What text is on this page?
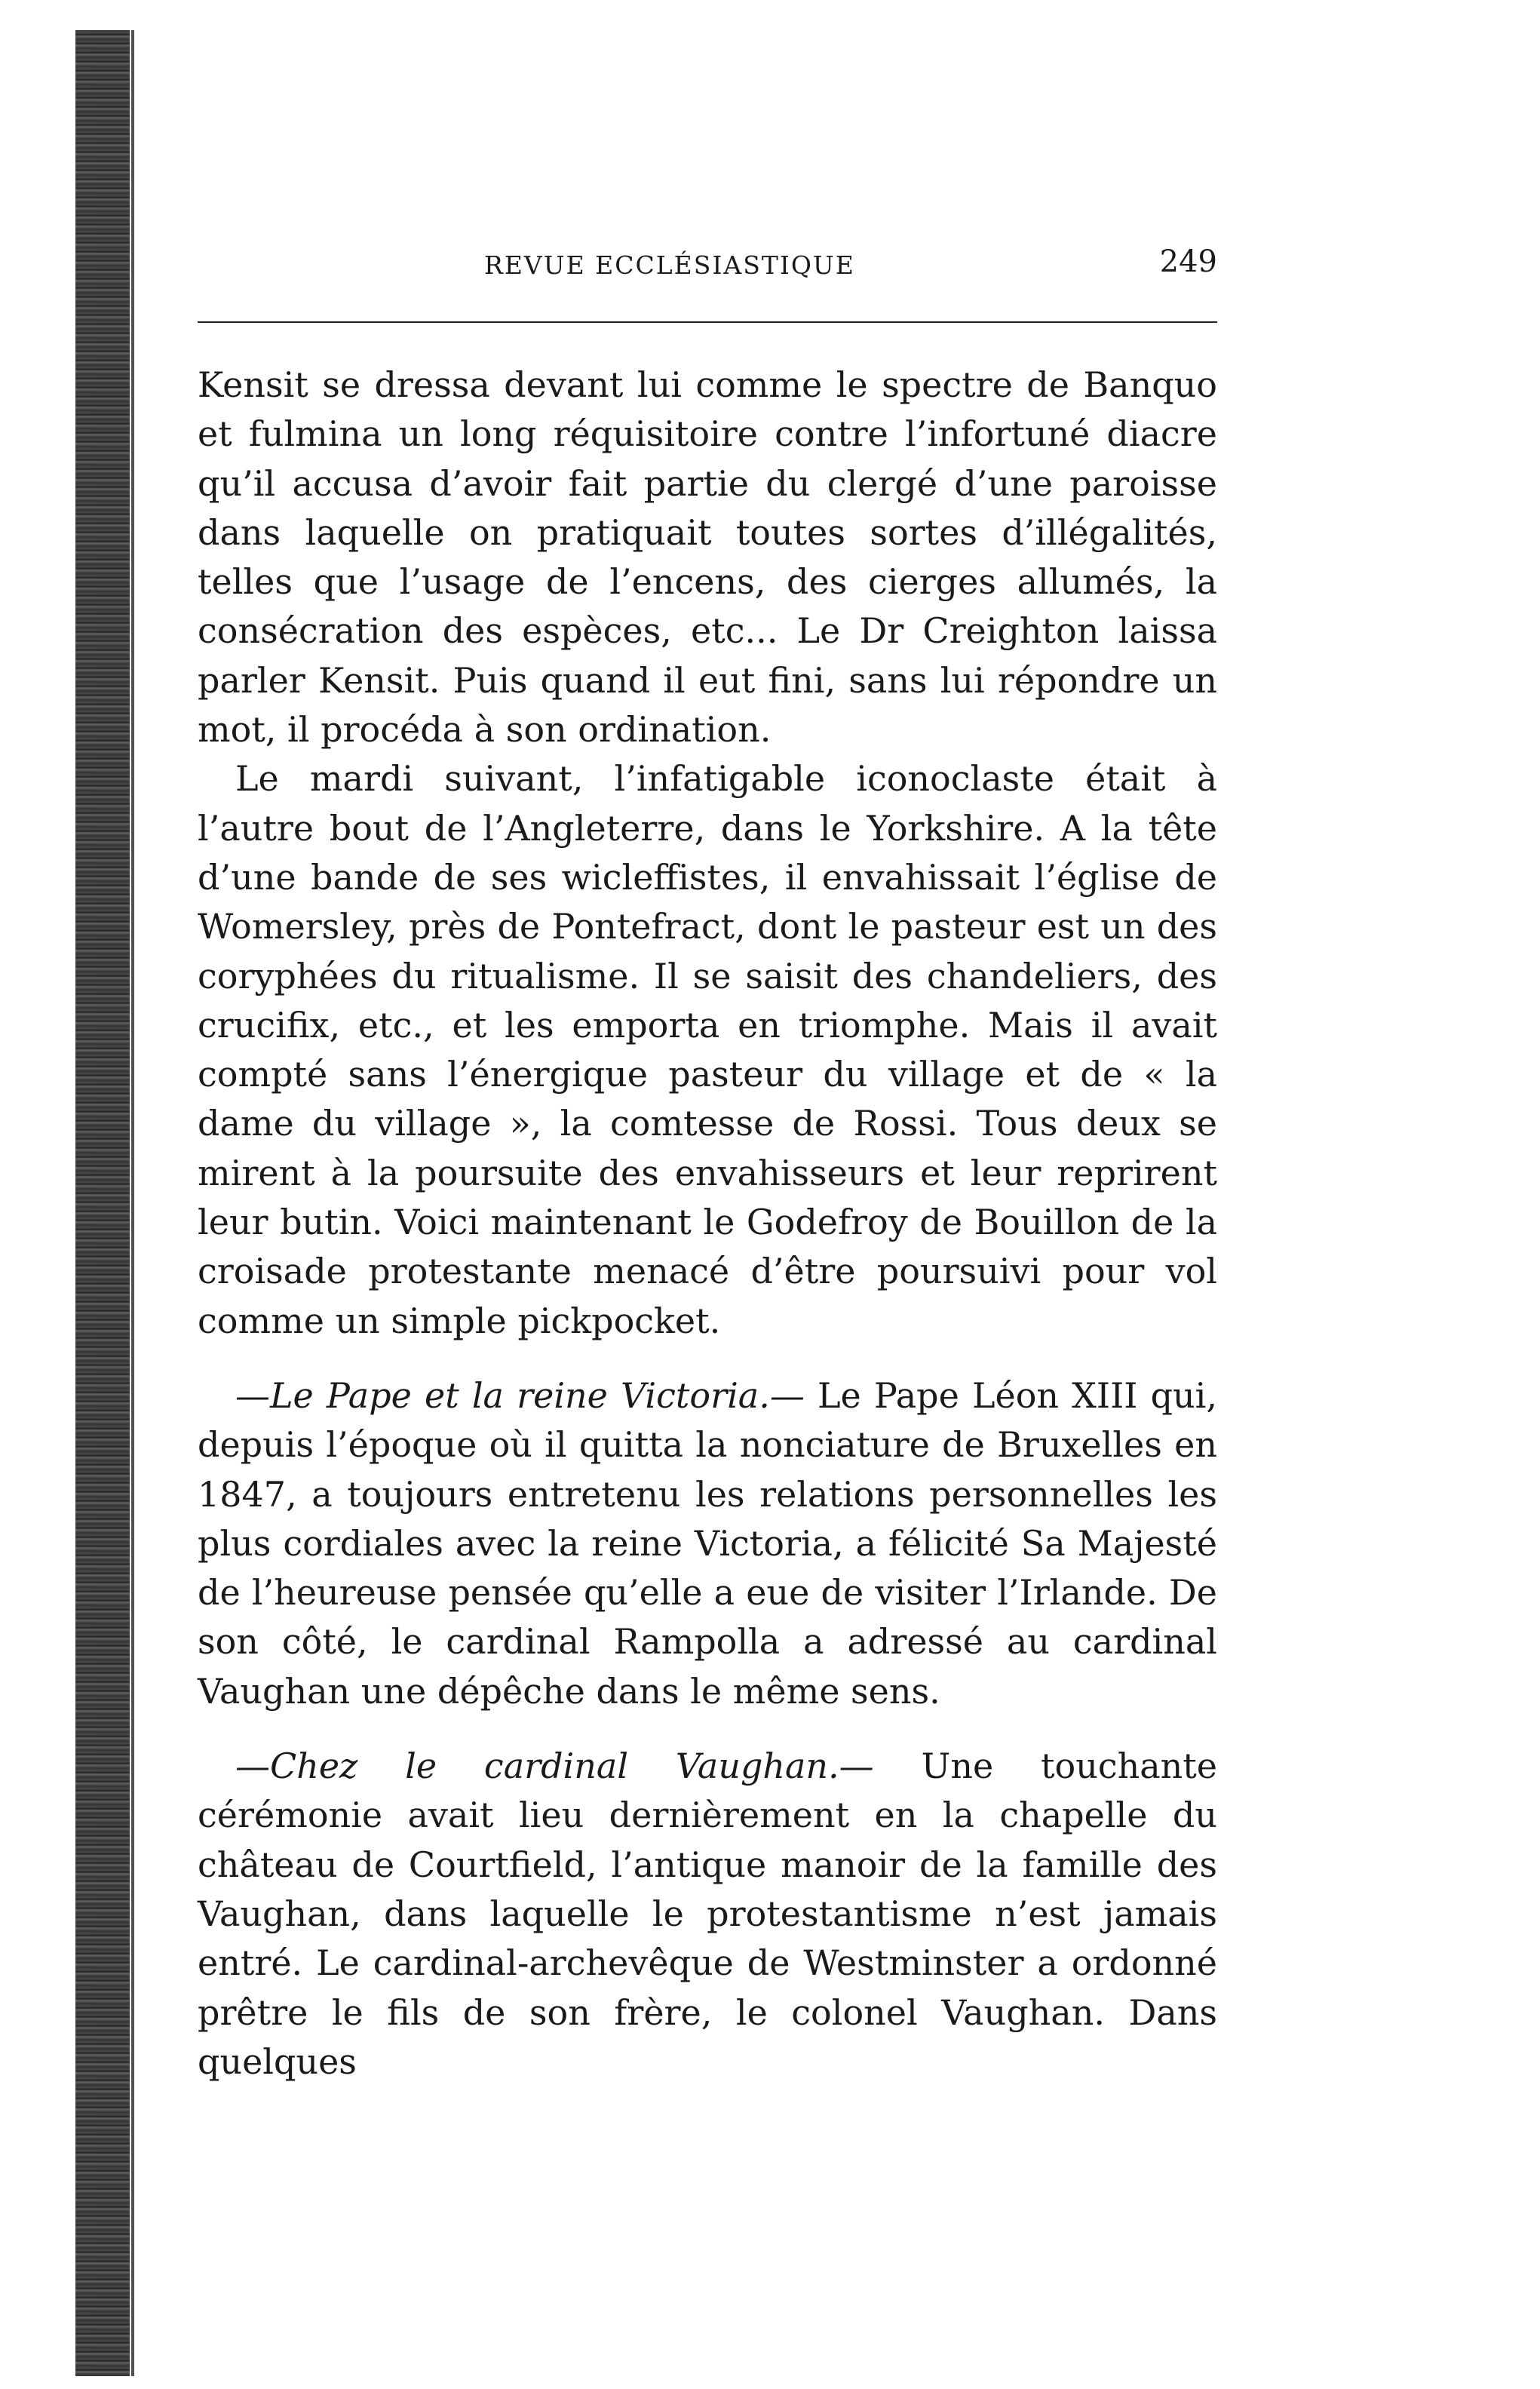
REVUE ECCLÉSIASTIQUE	249

Kensit se dressa devant lui comme le spectre de Banquo et fulmina un long réquisitoire contre l’infortuné diacre qu’il accusa d’avoir fait partie du clergé d’une paroisse dans laquelle on pratiquait toutes sortes d’illégalités, telles que l’usage de l’encens, des cierges allumés, la consécration des espèces, etc... Le Dr Creighton laissa parler Kensit. Puis quand il eut fini, sans lui répondre un mot, il procéda à son ordination.

Le mardi suivant, l’infatigable iconoclaste était à l’autre bout de l’Angleterre, dans le Yorkshire. A la tête d’une bande de ses wicleffistes, il envahissait l’église de Womersley, près de Pontefract, dont le pasteur est un des coryphées du ritualisme. Il se saisit des chandeliers, des crucifix, etc., et les emporta en triomphe. Mais il avait compté sans l’énergique pasteur du village et de « la dame du village », la comtesse de Rossi. Tous deux se mirent à la poursuite des envahisseurs et leur reprirent leur butin. Voici maintenant le Godefroy de Bouillon de la croisade protestante menacé d’être poursuivi pour vol comme un simple pickpocket.

—Le Pape et la reine Victoria.— Le Pape Léon XIII qui, depuis l’époque où il quitta la nonciature de Bruxelles en 1847, a toujours entretenu les relations personnelles les plus cordiales avec la reine Victoria, a félicité Sa Majesté de l’heureuse pensée qu’elle a eue de visiter l’Irlande. De son côté, le cardinal Rampolla a adressé au cardinal Vaughan une dépêche dans le même sens.

—Chez le cardinal Vaughan.— Une touchante cérémonie avait lieu dernièrement en la chapelle du château de Courtfield, l’antique manoir de la famille des Vaughan, dans laquelle le protestantisme n’est jamais entré. Le cardinal-archevêque de Westminster a ordonné prêtre le fils de son frère, le colonel Vaughan. Dans quelques
